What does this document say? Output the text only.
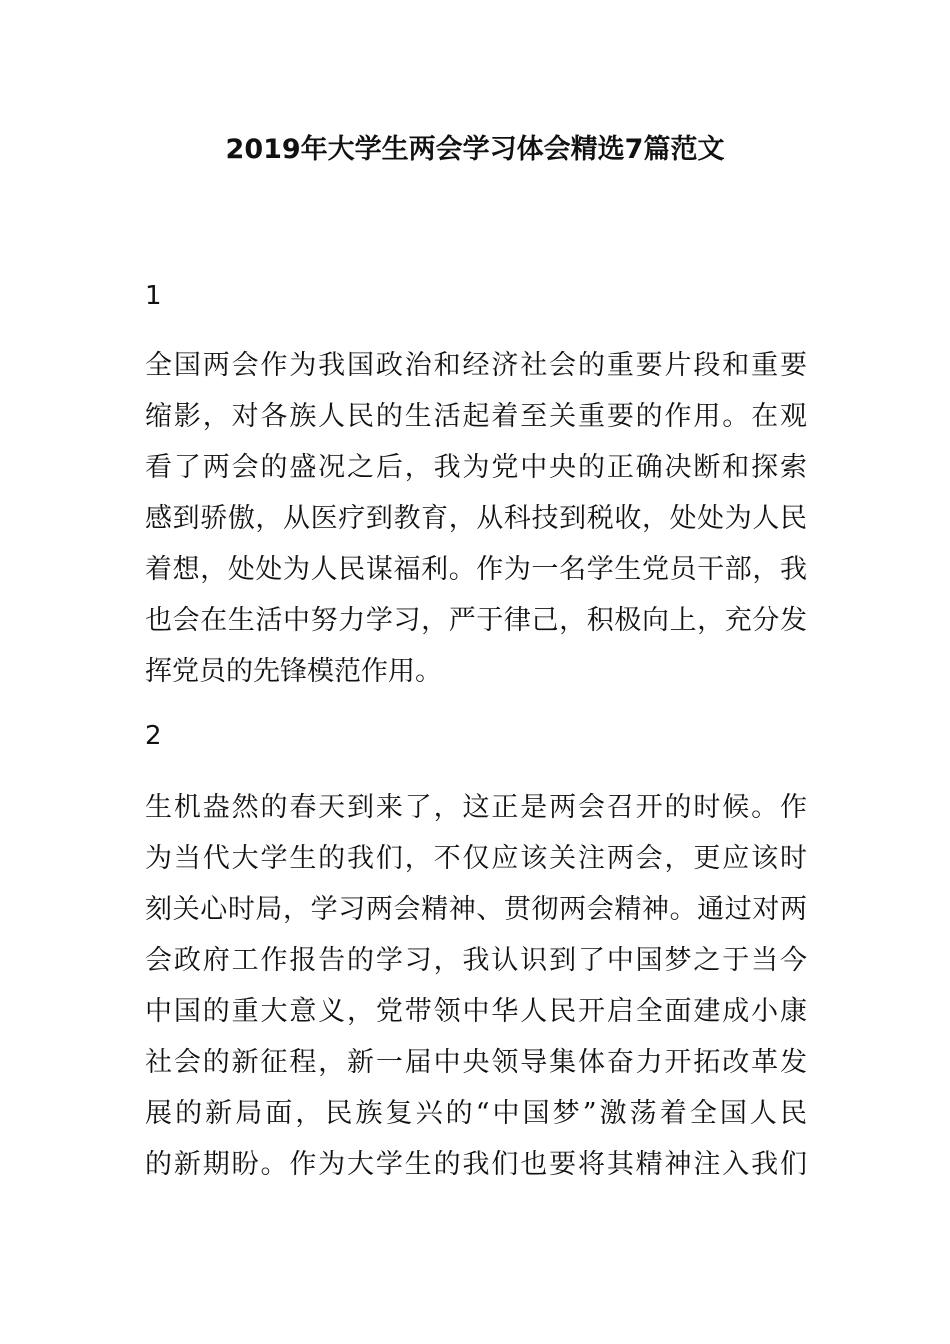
2019年大学生两会学习体会精选7篇范文
1

全国两会作为我国政治和经济社会的重要片段和重要
缩影，对各族人民的生活起着至关重要的作用。在观
看了两会的盛况之后，我为党中央的正确决断和探索
感到骄傲，从医疗到教育，从科技到税收，处处为人民
着想，处处为人民谋福利。作为一名学生党员干部，我
也会在生活中努力学习，严于律己，积极向上，充分发
挥党员的先锋模范作用。

2

生机盎然的春天到来了，这正是两会召开的时候。作
为当代大学生的我们，不仅应该关注两会，更应该时
刻关心时局，学习两会精神、贯彻两会精神。通过对两
会政府工作报告的学习，我认识到了中国梦之于当今
中国的重大意义，党带领中华人民开启全面建成小康
社会的新征程，新一届中央领导集体奋力开拓改革发
展的新局面，民族复兴的“中国梦”激荡着全国人民
的新期盼。作为大学生的我们也要将其精神注入我们
